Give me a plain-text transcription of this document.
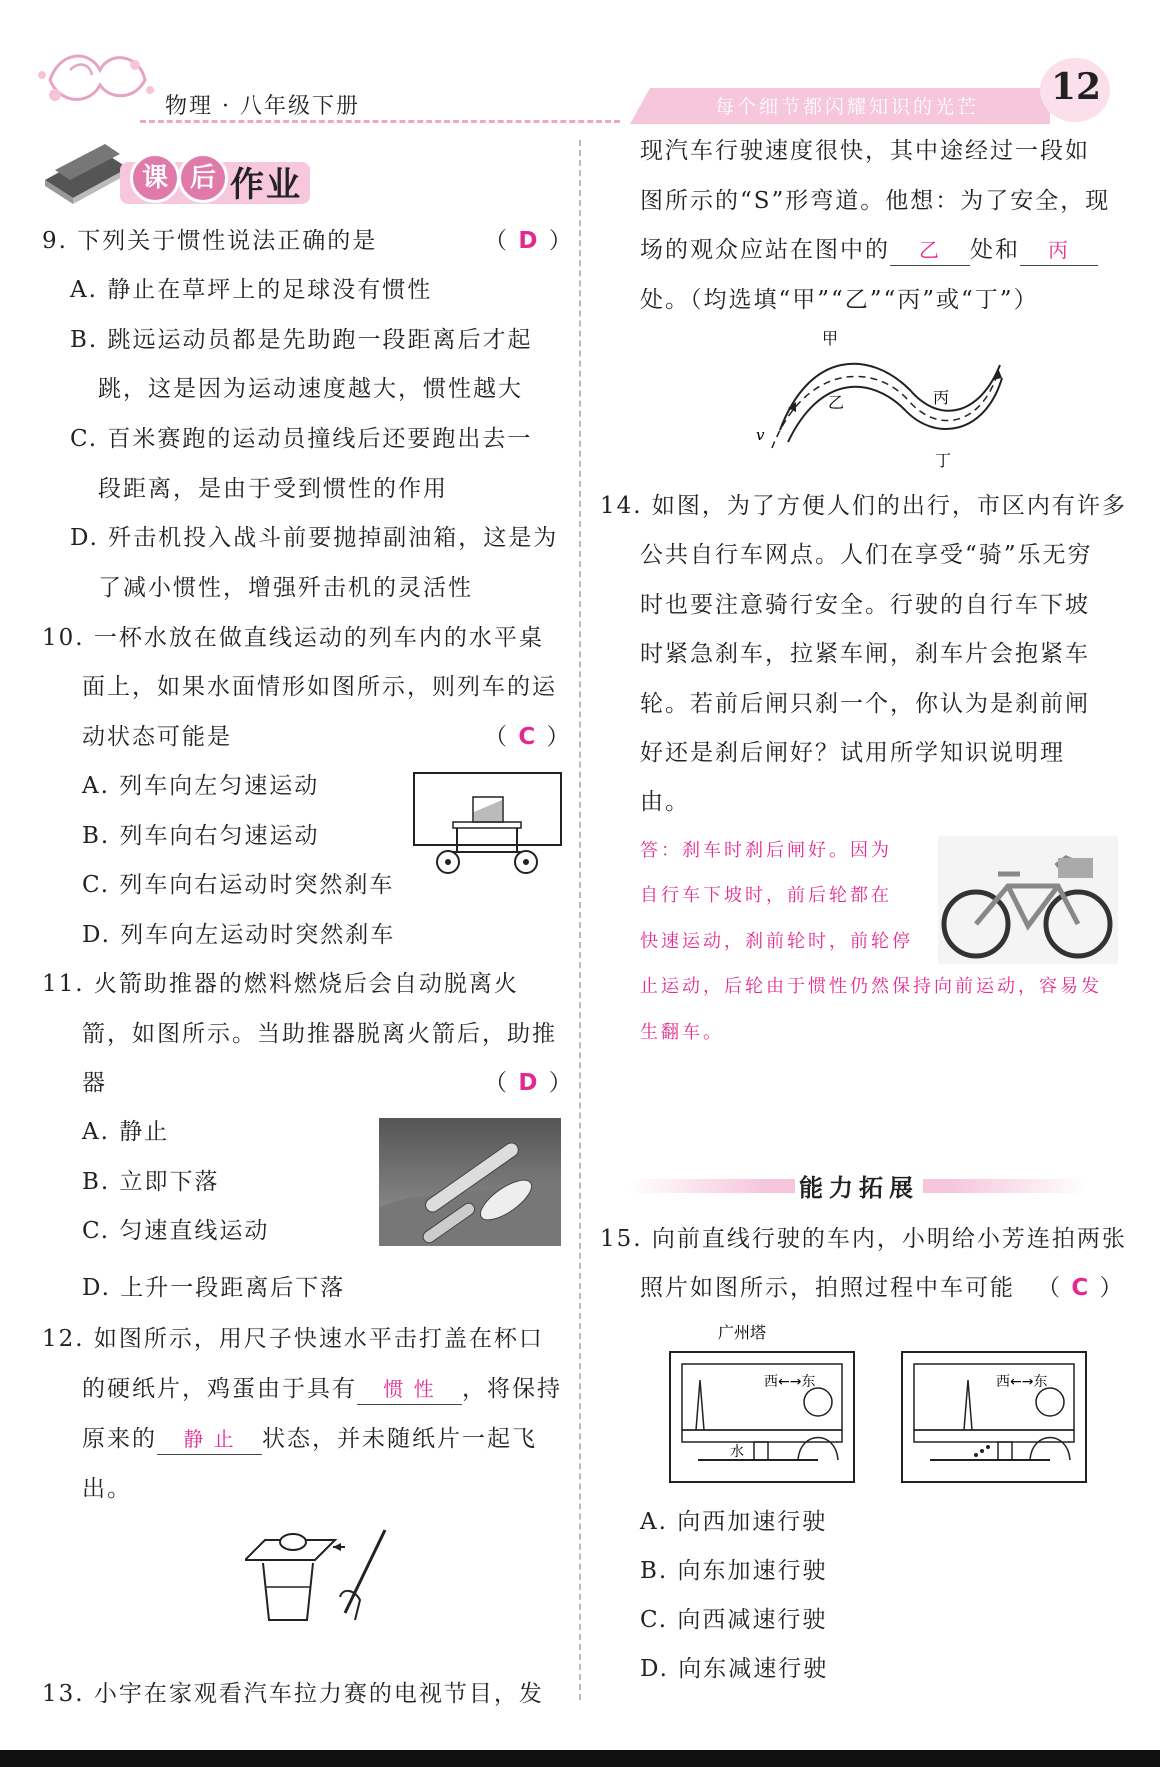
物理 · 八年级下册	每个细节都闪耀知识的光芒	12
课 后 作业
9. 下列关于惯性说法正确的是	（ D ）
A. 静止在草坪上的足球没有惯性
B. 跳远运动员都是先助跑一段距离后才起
跳，这是因为运动速度越大，惯性越大
C. 百米赛跑的运动员撞线后还要跑出去一
段距离，是由于受到惯性的作用
D. 歼击机投入战斗前要抛掉副油箱，这是为
了减小惯性，增强歼击机的灵活性
10. 一杯水放在做直线运动的列车内的水平桌
面上，如果水面情形如图所示，则列车的运
动状态可能是	（ C ）
A. 列车向左匀速运动
B. 列车向右匀速运动
C. 列车向右运动时突然刹车
D. 列车向左运动时突然刹车
11. 火箭助推器的燃料燃烧后会自动脱离火
箭，如图所示。当助推器脱离火箭后，助推
器	（ D ）
A. 静止
B. 立即下落
C. 匀速直线运动
D. 上升一段距离后下落
12. 如图所示，用尺子快速水平击打盖在杯口
的硬纸片，鸡蛋由于具有 惯 性 ，将保持
原来的 静 止 状态，并未随纸片一起飞
出。
13. 小宇在家观看汽车拉力赛的电视节目，发
现汽车行驶速度很快，其中途经过一段如
图所示的“S”形弯道。他想：为了安全，现
场的观众应站在图中的 乙 处和 丙
处。（均选填“甲”“乙”“丙”或“丁”）
甲
乙	丙
丁
v
14. 如图，为了方便人们的出行，市区内有许多
公共自行车网点。人们在享受“骑”乐无穷
时也要注意骑行安全。行驶的自行车下坡
时紧急刹车，拉紧车闸，刹车片会抱紧车
轮。若前后闸只刹一个，你认为是刹前闸
好还是刹后闸好？试用所学知识说明理
由。
答：刹车时刹后闸好。因为
自行车下坡时，前后轮都在
快速运动，刹前轮时，前轮停
止运动，后轮由于惯性仍然保持向前运动，容易发
生翻车。
能力拓展
15. 向前直线行驶的车内，小明给小芳连拍两张
照片如图所示，拍照过程中车可能 （ C ）
广州塔
西←→东
水
西←→东
A. 向西加速行驶
B. 向东加速行驶
C. 向西减速行驶
D. 向东减速行驶
